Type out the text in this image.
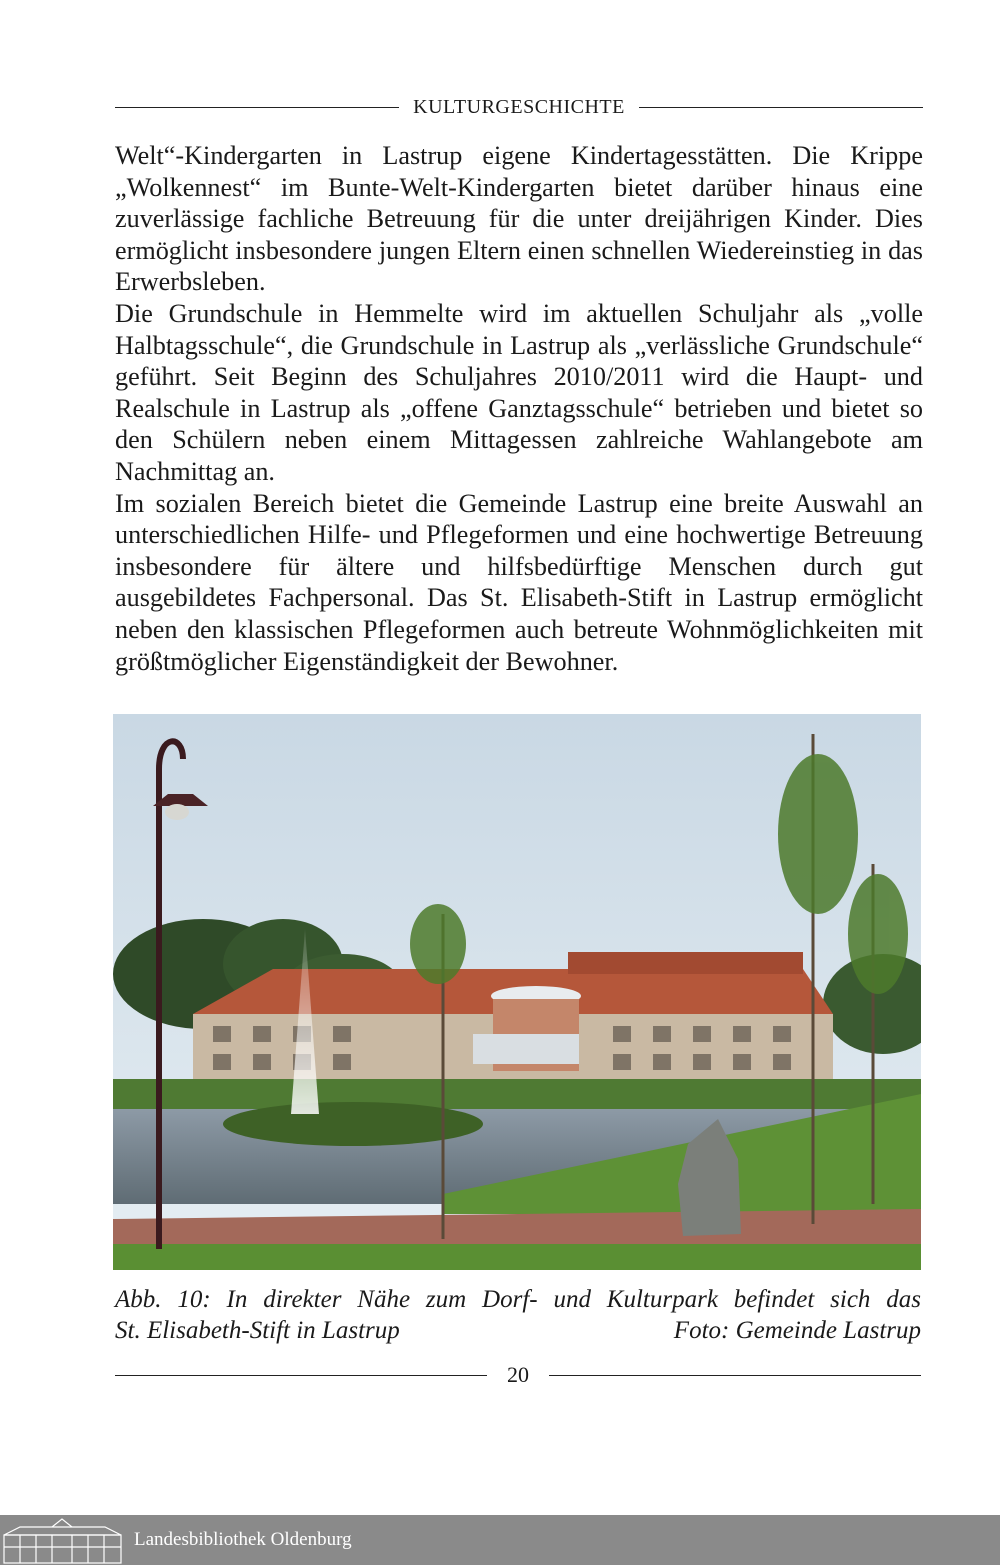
KULTURGESCHICHTE

Welt“-Kindergarten in Lastrup eigene Kindertagesstätten. Die Krippe „Wolkennest“ im Bunte-Welt-Kindergarten bietet darüber hinaus eine zuverlässige fachliche Betreuung für die unter dreijährigen Kinder. Dies ermöglicht insbesondere jungen Eltern einen schnellen Wiedereinstieg in das Erwerbsleben.

Die Grundschule in Hemmelte wird im aktuellen Schuljahr als „volle Halbtagsschule“, die Grundschule in Lastrup als „verlässliche Grundschule“ geführt. Seit Beginn des Schuljahres 2010/2011 wird die Haupt- und Realschule in Lastrup als „offene Ganztagsschule“ betrieben und bietet so den Schülern neben einem Mittagessen zahlreiche Wahlangebote am Nachmittag an.

Im sozialen Bereich bietet die Gemeinde Lastrup eine breite Auswahl an unterschiedlichen Hilfe- und Pflegeformen und eine hochwertige Betreuung insbesondere für ältere und hilfsbedürftige Menschen durch gut ausgebildetes Fachpersonal. Das St. Elisabeth-Stift in Lastrup ermöglicht neben den klassischen Pflegeformen auch betreute Wohnmöglichkeiten mit größtmöglicher Eigenständigkeit der Bewohner.

Abb. 10: In direkter Nähe zum Dorf- und Kulturpark befindet sich das
St. Elisabeth-Stift in Lastrup	Foto: Gemeinde Lastrup
20
Landesbibliothek Oldenburg
